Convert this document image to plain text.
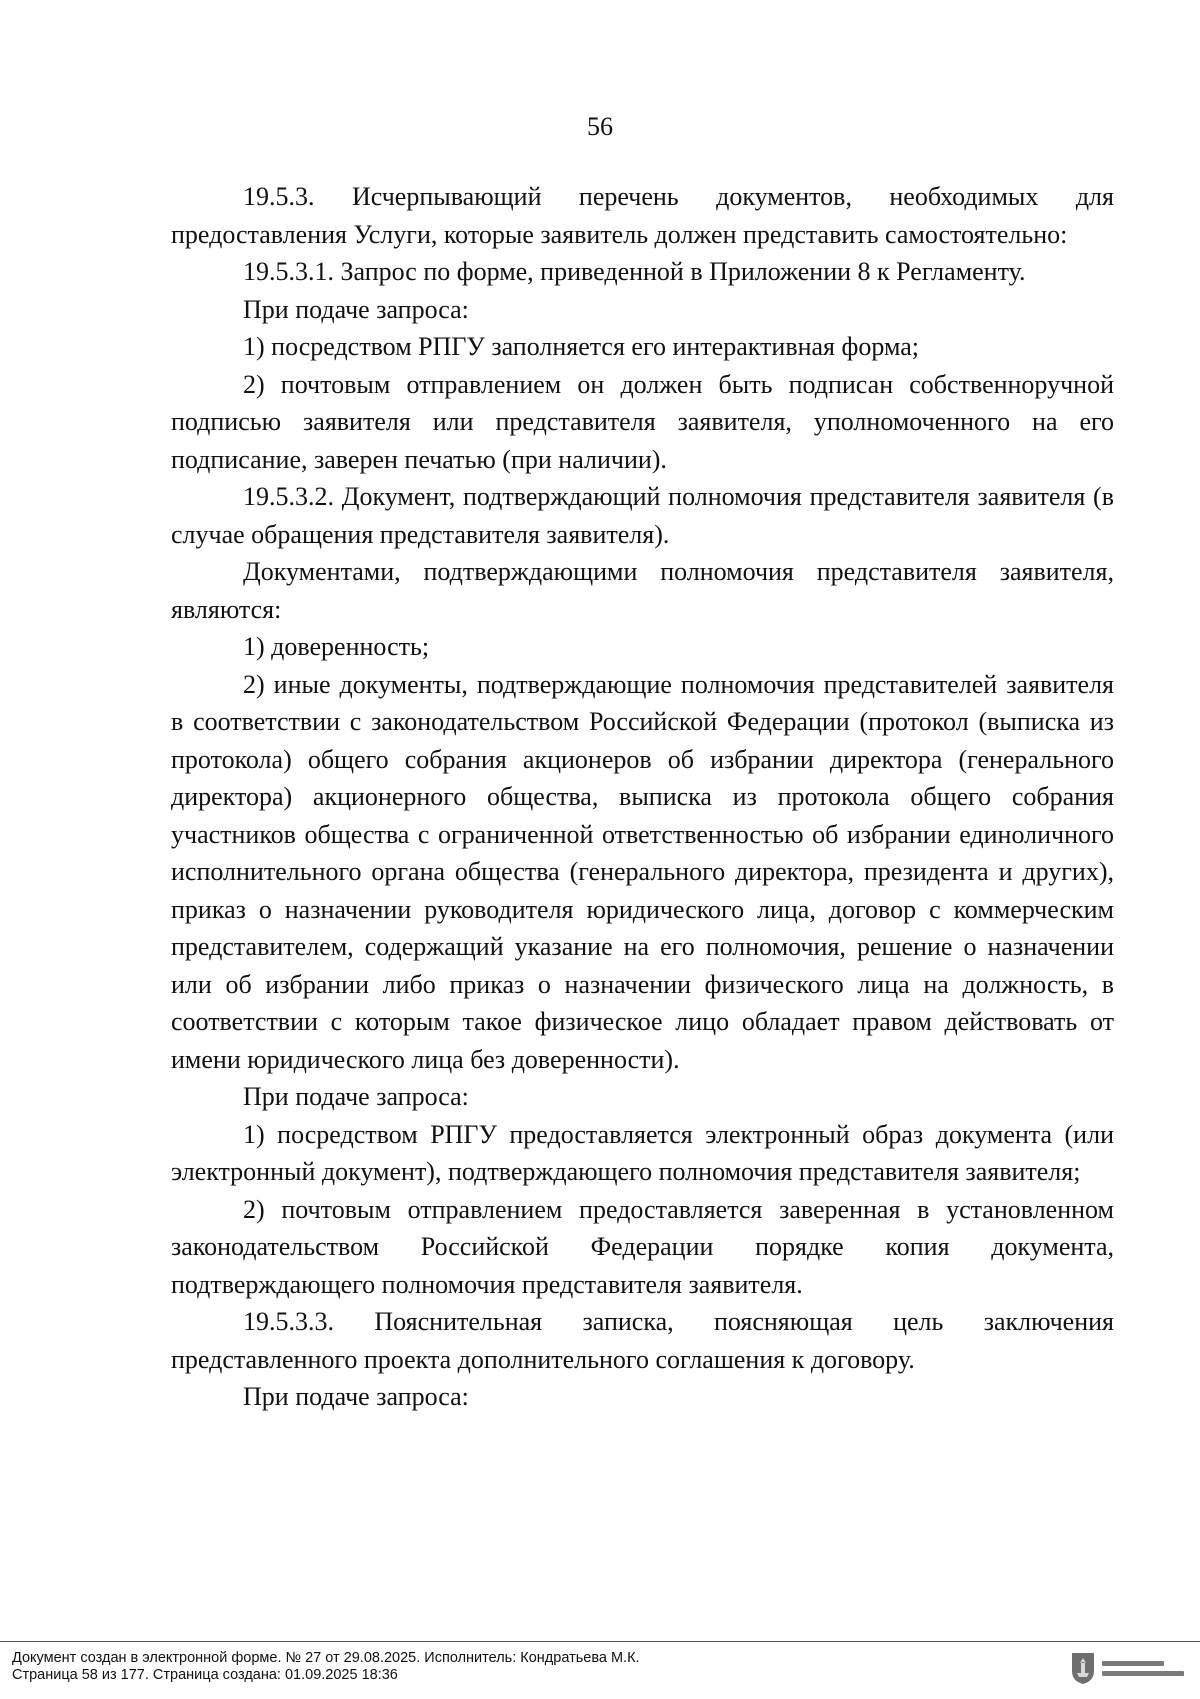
56

19.5.3. Исчерпывающий перечень документов, необходимых для предоставления Услуги, которые заявитель должен представить самостоятельно:

19.5.3.1. Запрос по форме, приведенной в Приложении 8 к Регламенту.

При подаче запроса:

1) посредством РПГУ заполняется его интерактивная форма;

2) почтовым отправлением он должен быть подписан собственноручной подписью заявителя или представителя заявителя, уполномоченного на его подписание, заверен печатью (при наличии).

19.5.3.2. Документ, подтверждающий полномочия представителя заявителя (в случае обращения представителя заявителя).

Документами, подтверждающими полномочия представителя заявителя, являются:

1) доверенность;

2) иные документы, подтверждающие полномочия представителей заявителя в соответствии с законодательством Российской Федерации (протокол (выписка из протокола) общего собрания акционеров об избрании директора (генерального директора) акционерного общества, выписка из протокола общего собрания участников общества с ограниченной ответственностью об избрании единоличного исполнительного органа общества (генерального директора, президента и других), приказ о назначении руководителя юридического лица, договор с коммерческим представителем, содержащий указание на его полномочия, решение о назначении или об избрании либо приказ о назначении физического лица на должность, в соответствии с которым такое физическое лицо обладает правом действовать от имени юридического лица без доверенности).

При подаче запроса:

1) посредством РПГУ предоставляется электронный образ документа (или электронный документ), подтверждающего полномочия представителя заявителя;

2) почтовым отправлением предоставляется заверенная в установленном законодательством Российской Федерации порядке копия документа, подтверждающего полномочия представителя заявителя.

19.5.3.3. Пояснительная записка, поясняющая цель заключения представленного проекта дополнительного соглашения к договору.

При подаче запроса:

Документ создан в электронной форме. № 27 от 29.08.2025. Исполнитель: Кондратьева М.К.
Страница 58 из 177. Страница создана: 01.09.2025 18:36
